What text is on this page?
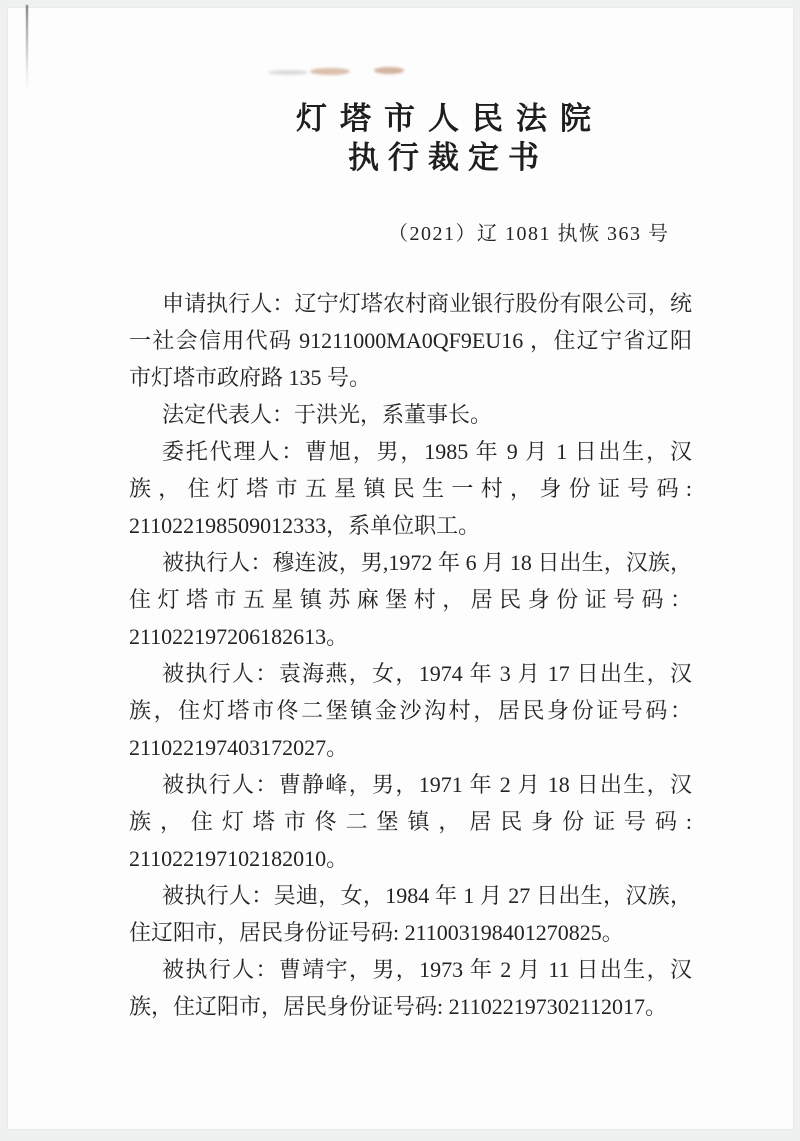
灯塔市人民法院
执行裁定书
（2021）辽 1081 执恢 363 号

申请执行人：辽宁灯塔农村商业银行股份有限公司，统一社会信用代码 91211000MA0QF9EU16 ，住辽宁省辽阳市灯塔市政府路 135 号。

法定代表人：于洪光，系董事长。

委托代理人：曹旭，男，1985 年 9 月 1 日出生，汉族，住灯塔市五星镇民生一村，身份证号码: 211022198509012333，系单位职工。

被执行人：穆连波，男,1972 年 6 月 18 日出生，汉族，住灯塔市五星镇苏麻堡村，居民身份证号码：211022197206182613。

被执行人：袁海燕，女，1974 年 3 月 17 日出生，汉族，住灯塔市佟二堡镇金沙沟村，居民身份证号码：211022197403172027。

被执行人：曹静峰，男，1971 年 2 月 18 日出生，汉族，住灯塔市佟二堡镇，居民身份证号码: 211022197102182010。

被执行人：吴迪，女，1984 年 1 月 27 日出生，汉族，住辽阳市，居民身份证号码: 211003198401270825。

被执行人：曹靖宇，男，1973 年 2 月 11 日出生，汉族，住辽阳市，居民身份证号码: 211022197302112017。
